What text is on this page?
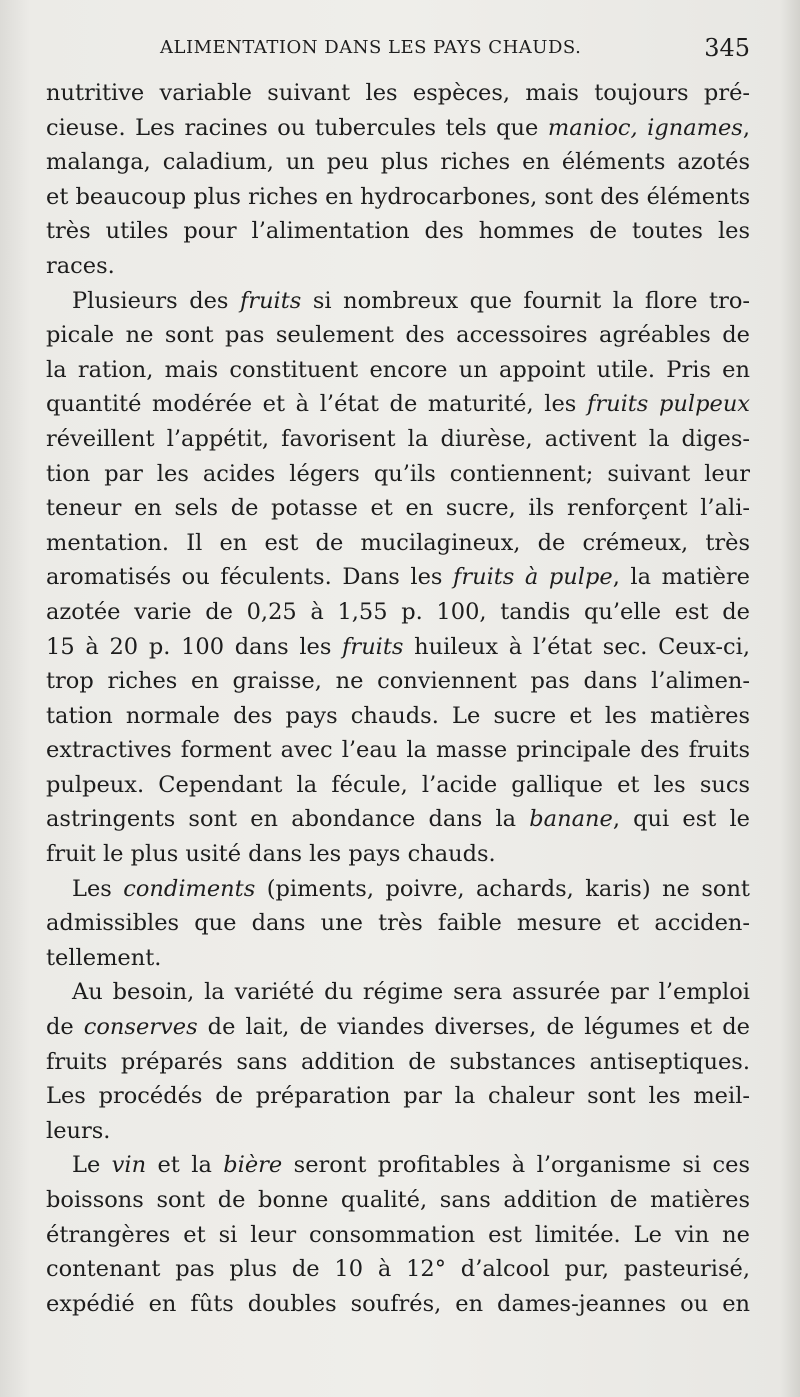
ALIMENTATION DANS LES PAYS CHAUDS.	345
nutritive variable suivant les espèces, mais toujours pré-
cieuse. Les racines ou tubercules tels que manioc, ignames,
malanga, caladium, un peu plus riches en éléments azotés
et beaucoup plus riches en hydrocarbones, sont des éléments
très utiles pour l’alimentation des hommes de toutes les
races.
Plusieurs des fruits si nombreux que fournit la flore tro-
picale ne sont pas seulement des accessoires agréables de
la ration, mais constituent encore un appoint utile. Pris en
quantité modérée et à l’état de maturité, les fruits pulpeux
réveillent l’appétit, favorisent la diurèse, activent la diges-
tion par les acides légers qu’ils contiennent; suivant leur
teneur en sels de potasse et en sucre, ils renforçent l’ali-
mentation. Il en est de mucilagineux, de crémeux, très
aromatisés ou féculents. Dans les fruits à pulpe, la matière
azotée varie de 0,25 à 1,55 p. 100, tandis qu’elle est de
15 à 20 p. 100 dans les fruits huileux à l’état sec. Ceux-ci,
trop riches en graisse, ne conviennent pas dans l’alimen-
tation normale des pays chauds. Le sucre et les matières
extractives forment avec l’eau la masse principale des fruits
pulpeux. Cependant la fécule, l’acide gallique et les sucs
astringents sont en abondance dans la banane, qui est le
fruit le plus usité dans les pays chauds.
Les condiments (piments, poivre, achards, karis) ne sont
admissibles que dans une très faible mesure et acciden-
tellement.
Au besoin, la variété du régime sera assurée par l’emploi
de conserves de lait, de viandes diverses, de légumes et de
fruits préparés sans addition de substances antiseptiques.
Les procédés de préparation par la chaleur sont les meil-
leurs.
Le vin et la bière seront profitables à l’organisme si ces
boissons sont de bonne qualité, sans addition de matières
étrangères et si leur consommation est limitée. Le vin ne
contenant pas plus de 10 à 12° d’alcool pur, pasteurisé,
expédié en fûts doubles soufrés, en dames-jeannes ou en
